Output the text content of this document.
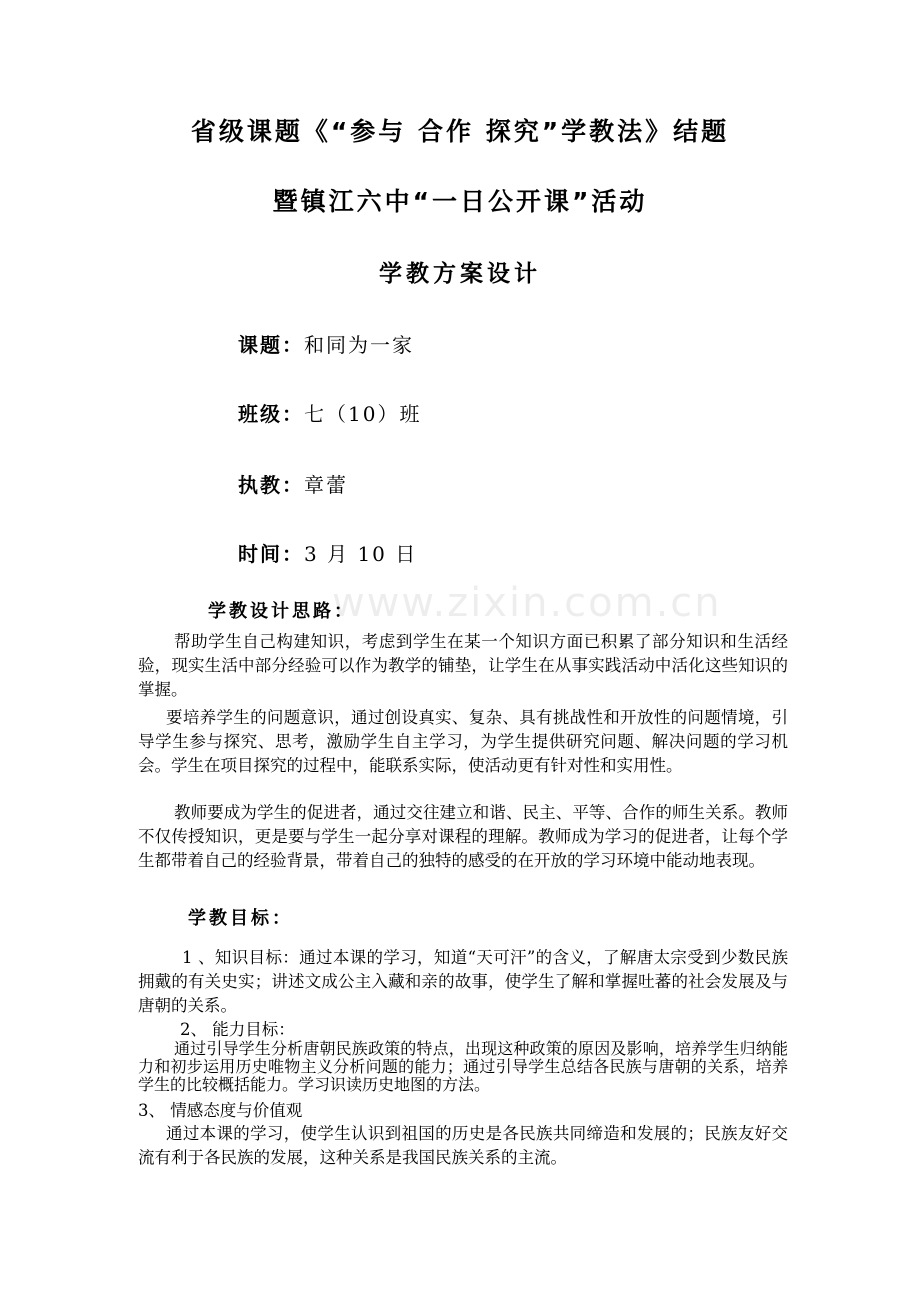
www.zixin.com.cn
省级课题《“参与 合作 探究”学教法》结题
暨镇江六中“一日公开课”活动
学教方案设计
课题：和同为一家
班级：七（10）班
执教：章蕾
时间：3 月 10 日
学教设计思路：
帮助学生自己构建知识，考虑到学生在某一个知识方面已积累了部分知识和生活经验，现实生活中部分经验可以作为教学的铺垫，让学生在从事实践活动中活化这些知识的掌握。
要培养学生的问题意识，通过创设真实、复杂、具有挑战性和开放性的问题情境，引导学生参与探究、思考，激励学生自主学习，为学生提供研究问题、解决问题的学习机会。学生在项目探究的过程中，能联系实际，使活动更有针对性和实用性。
教师要成为学生的促进者，通过交往建立和谐、民主、平等、合作的师生关系。教师不仅传授知识，更是要与学生一起分享对课程的理解。教师成为学习的促进者，让每个学生都带着自己的经验背景，带着自己的独特的感受的在开放的学习环境中能动地表现。
学教目标：
1 、知识目标：通过本课的学习，知道“天可汗”的含义，了解唐太宗受到少数民族拥戴的有关史实；讲述文成公主入藏和亲的故事，使学生了解和掌握吐蕃的社会发展及与唐朝的关系。
2、 能力目标：
通过引导学生分析唐朝民族政策的特点，出现这种政策的原因及影响，培养学生归纳能力和初步运用历史唯物主义分析问题的能力；通过引导学生总结各民族与唐朝的关系，培养学生的比较概括能力。学习识读历史地图的方法。
3、 情感态度与价值观
通过本课的学习，使学生认识到祖国的历史是各民族共同缔造和发展的；民族友好交流有利于各民族的发展，这种关系是我国民族关系的主流。
